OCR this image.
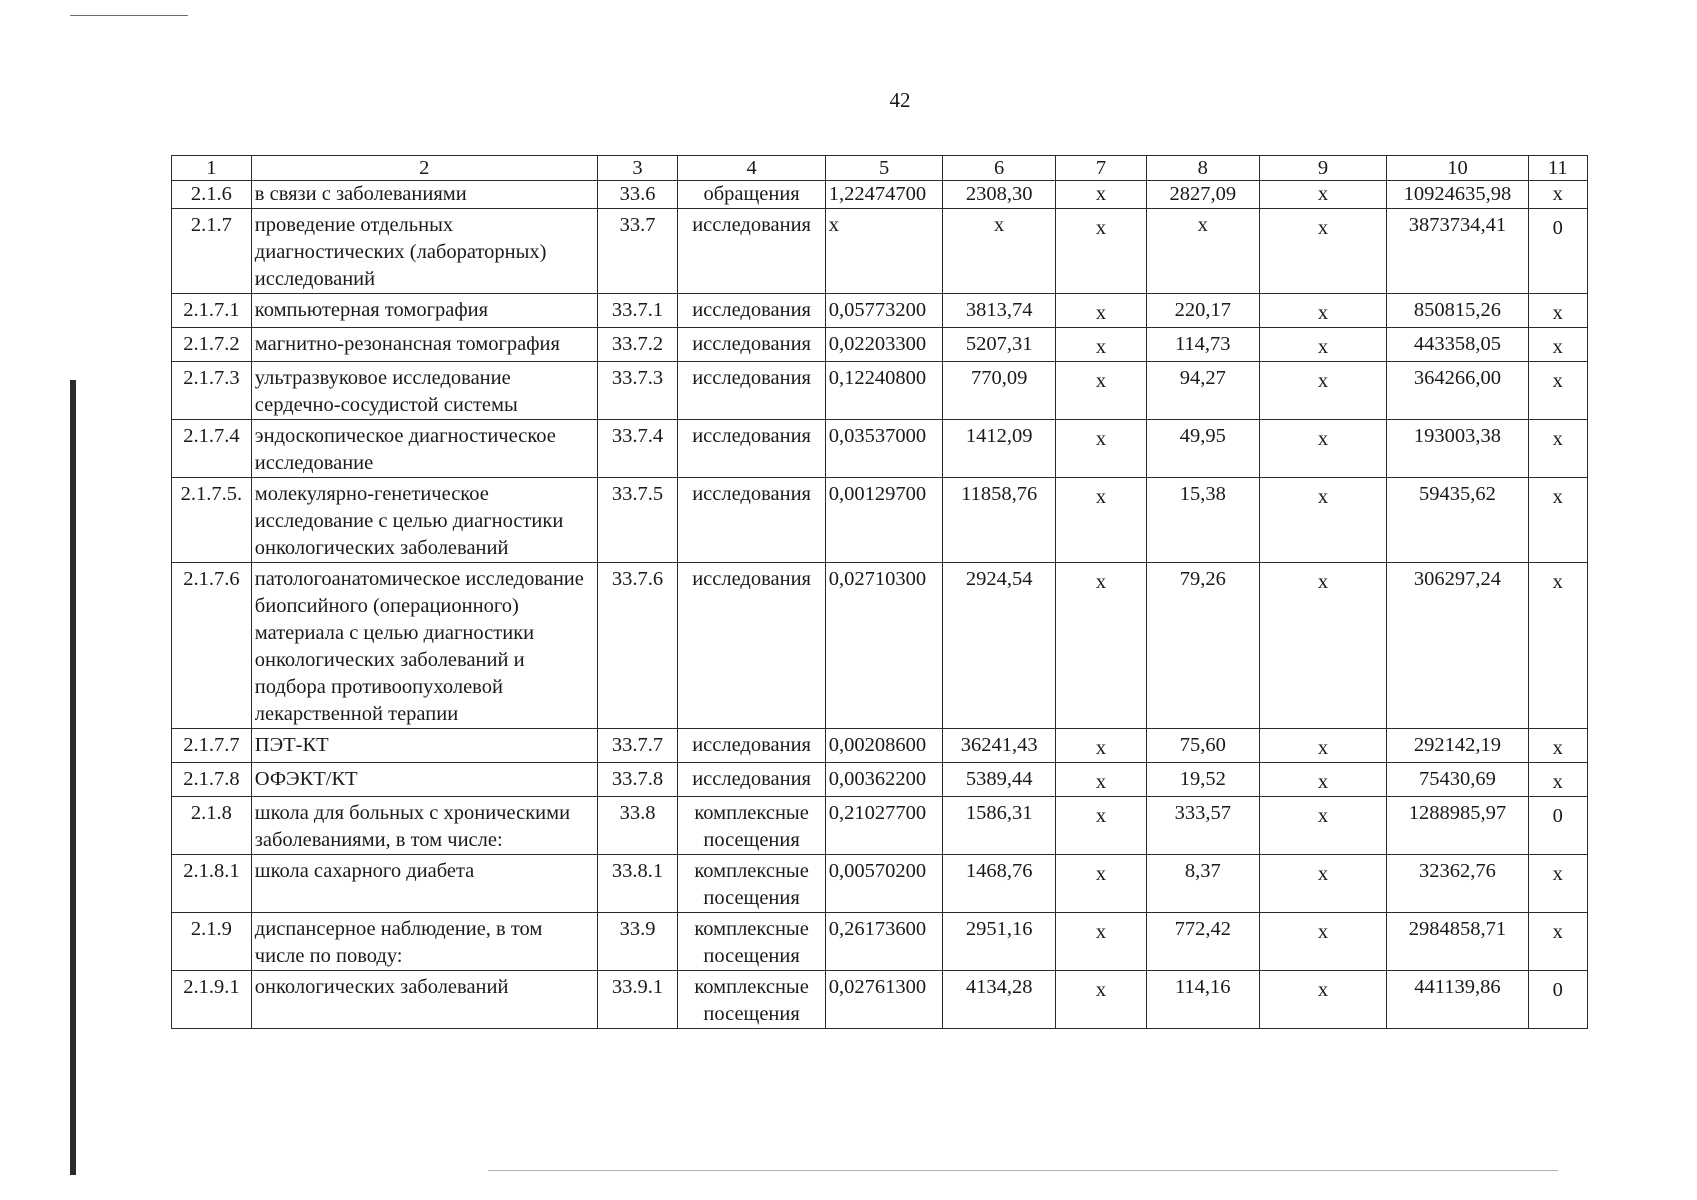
42
1	2	3	4	5	6	7	8	9	10	11
2.1.6	в связи с заболеваниями	33.6	обращения	1,22474700	2308,30	х	2827,09	х	10924635,98	х
2.1.7	проведение отдельных диагностических (лабораторных) исследований	33.7	исследования	х	х	х	х	х	3873734,41	0
2.1.7.1	компьютерная томография	33.7.1	исследования	0,05773200	3813,74	х	220,17	х	850815,26	х
2.1.7.2	магнитно-резонансная томография	33.7.2	исследования	0,02203300	5207,31	х	114,73	х	443358,05	х
2.1.7.3	ультразвуковое исследование сердечно-сосудистой системы	33.7.3	исследования	0,12240800	770,09	х	94,27	х	364266,00	х
2.1.7.4	эндоскопическое диагностическое исследование	33.7.4	исследования	0,03537000	1412,09	х	49,95	х	193003,38	х
2.1.7.5.	молекулярно-генетическое исследование с целью диагностики онкологических заболеваний	33.7.5	исследования	0,00129700	11858,76	х	15,38	х	59435,62	х
2.1.7.6	патологоанатомическое исследование биопсийного (операционного) материала с целью диагностики онкологических заболеваний и подбора противоопухолевой лекарственной терапии	33.7.6	исследования	0,02710300	2924,54	х	79,26	х	306297,24	х
2.1.7.7	ПЭТ-КТ	33.7.7	исследования	0,00208600	36241,43	х	75,60	х	292142,19	х
2.1.7.8	ОФЭКТ/КТ	33.7.8	исследования	0,00362200	5389,44	х	19,52	х	75430,69	х
2.1.8	школа для больных с хроническими заболеваниями, в том числе:	33.8	комплексные посещения	0,21027700	1586,31	х	333,57	х	1288985,97	0
2.1.8.1	школа сахарного диабета	33.8.1	комплексные посещения	0,00570200	1468,76	х	8,37	х	32362,76	х
2.1.9	диспансерное наблюдение, в том числе по поводу:	33.9	комплексные посещения	0,26173600	2951,16	х	772,42	х	2984858,71	х
2.1.9.1	онкологических заболеваний	33.9.1	комплексные посещения	0,02761300	4134,28	х	114,16	х	441139,86	0
